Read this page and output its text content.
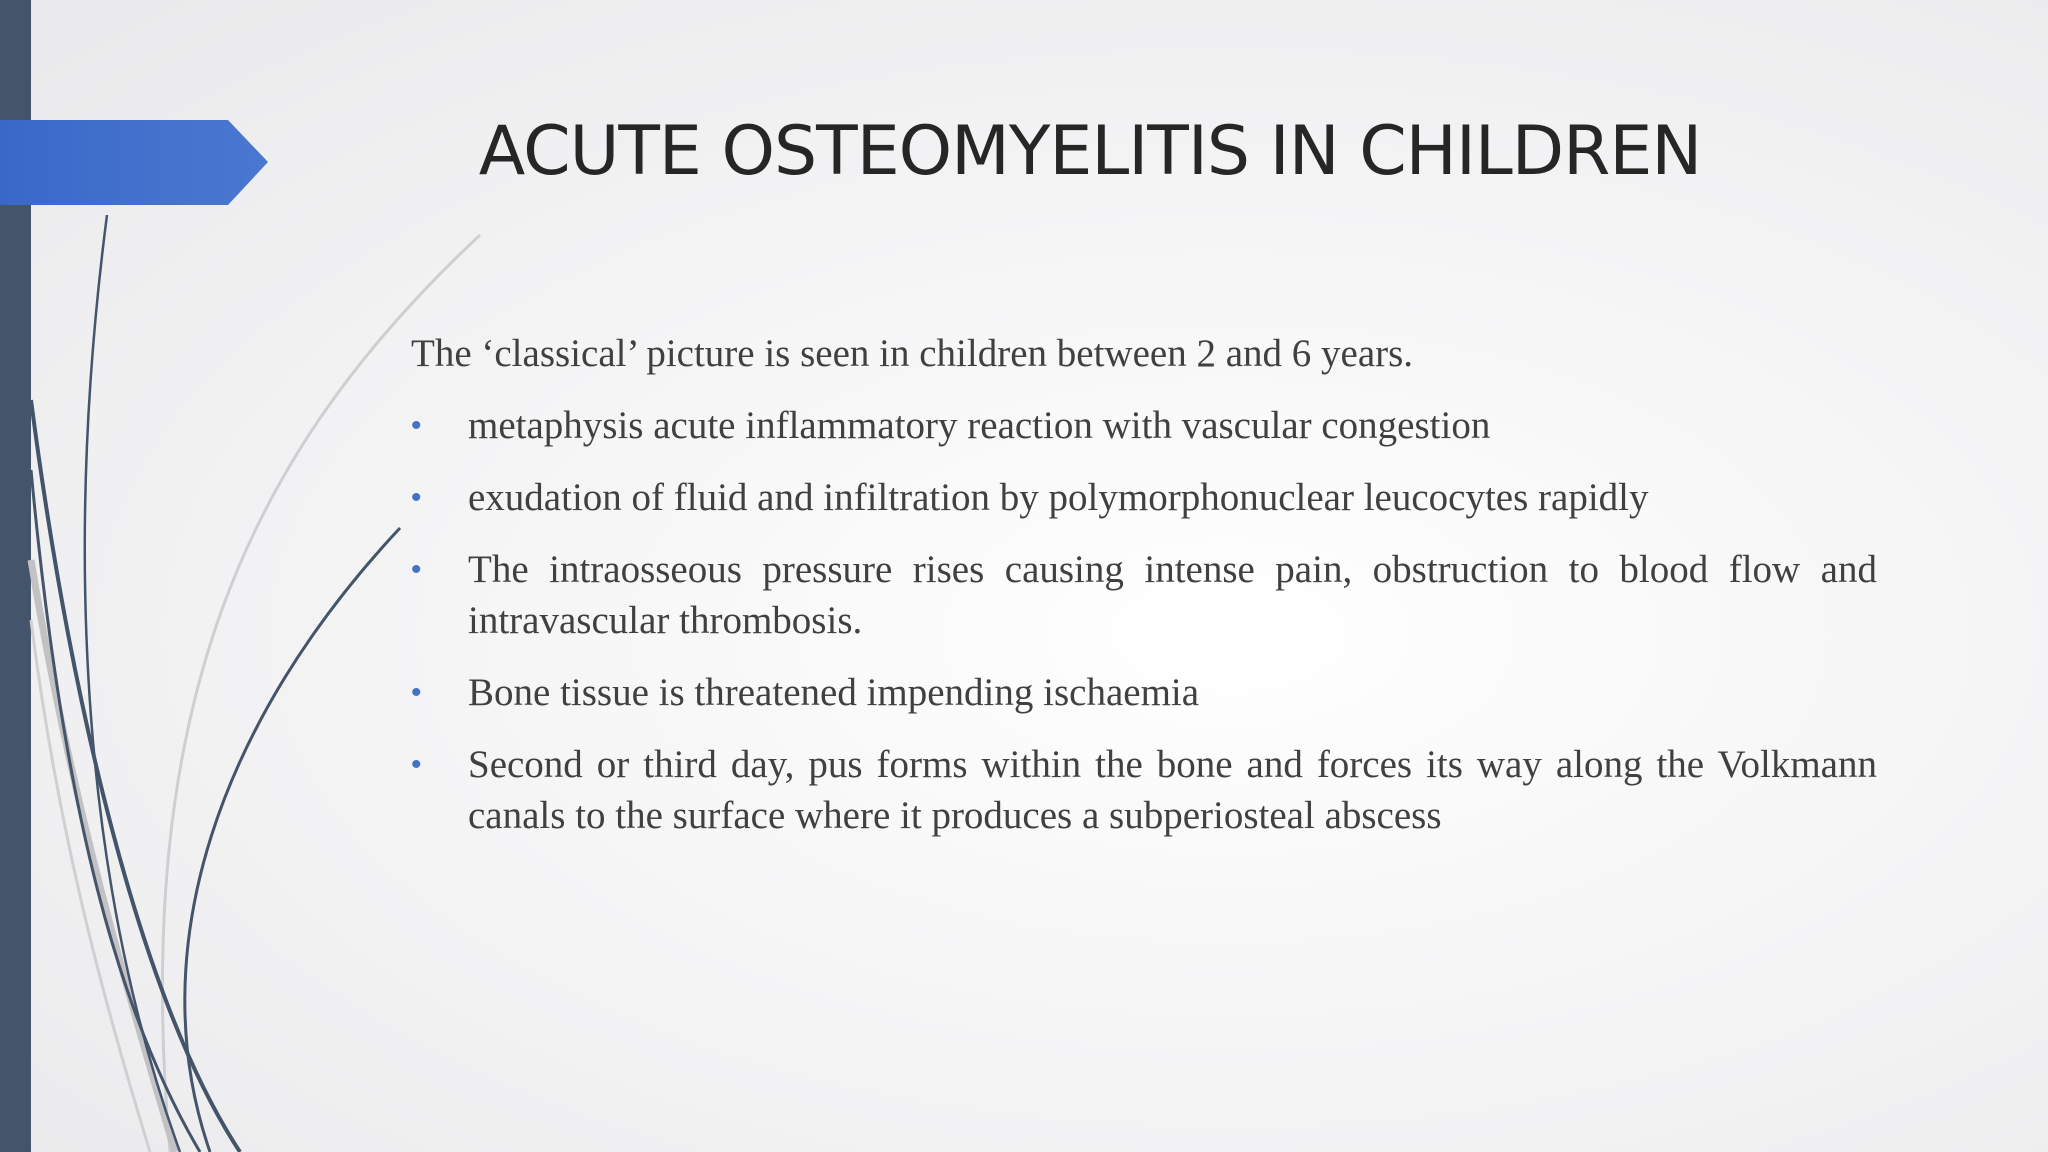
ACUTE OSTEOMYELITIS IN CHILDREN

The ‘classical’ picture is seen in children between 2 and 6 years.

• metaphysis acute inflammatory reaction with vascular congestion
• exudation of fluid and infiltration by polymorphonuclear leucocytes rapidly
• The intraosseous pressure rises causing intense pain, obstruction to blood flow and intravascular thrombosis.
• Bone tissue is threatened impending ischaemia
• Second or third day, pus forms within the bone and forces its way along the Volkmann canals to the surface where it produces a subperiosteal abscess
